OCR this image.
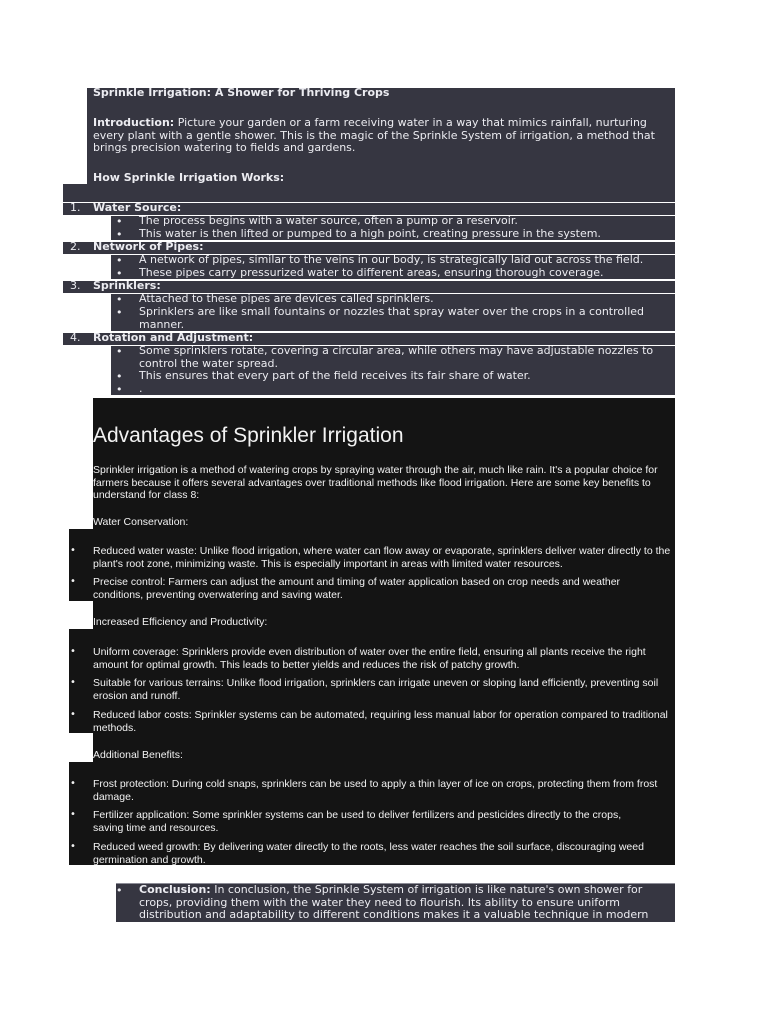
Sprinkle Irrigation: A Shower for Thriving Crops
Introduction: Picture your garden or a farm receiving water in a way that mimics rainfall, nurturing every plant with a gentle shower. This is the magic of the Sprinkle System of irrigation, a method that brings precision watering to fields and gardens.
How Sprinkle Irrigation Works:
1. Water Source:
• The process begins with a water source, often a pump or a reservoir.
• This water is then lifted or pumped to a high point, creating pressure in the system.
2. Network of Pipes:
• A network of pipes, similar to the veins in our body, is strategically laid out across the field.
• These pipes carry pressurized water to different areas, ensuring thorough coverage.
3. Sprinklers:
• Attached to these pipes are devices called sprinklers.
• Sprinklers are like small fountains or nozzles that spray water over the crops in a controlled manner.
4. Rotation and Adjustment:
• Some sprinklers rotate, covering a circular area, while others may have adjustable nozzles to control the water spread.
• This ensures that every part of the field receives its fair share of water.
• .
Advantages of Sprinkler Irrigation
Sprinkler irrigation is a method of watering crops by spraying water through the air, much like rain. It's a popular choice for farmers because it offers several advantages over traditional methods like flood irrigation. Here are some key benefits to understand for class 8:
Water Conservation:
• Reduced water waste: Unlike flood irrigation, where water can flow away or evaporate, sprinklers deliver water directly to the plant's root zone, minimizing waste. This is especially important in areas with limited water resources.
• Precise control: Farmers can adjust the amount and timing of water application based on crop needs and weather conditions, preventing overwatering and saving water.
Increased Efficiency and Productivity:
• Uniform coverage: Sprinklers provide even distribution of water over the entire field, ensuring all plants receive the right amount for optimal growth. This leads to better yields and reduces the risk of patchy growth.
• Suitable for various terrains: Unlike flood irrigation, sprinklers can irrigate uneven or sloping land efficiently, preventing soil erosion and runoff.
• Reduced labor costs: Sprinkler systems can be automated, requiring less manual labor for operation compared to traditional methods.
Additional Benefits:
• Frost protection: During cold snaps, sprinklers can be used to apply a thin layer of ice on crops, protecting them from frost damage.
• Fertilizer application: Some sprinkler systems can be used to deliver fertilizers and pesticides directly to the crops, saving time and resources.
• Reduced weed growth: By delivering water directly to the roots, less water reaches the soil surface, discouraging weed germination and growth.
• Conclusion: In conclusion, the Sprinkle System of irrigation is like nature's own shower for crops, providing them with the water they need to flourish. Its ability to ensure uniform distribution and adaptability to different conditions makes it a valuable technique in modern
